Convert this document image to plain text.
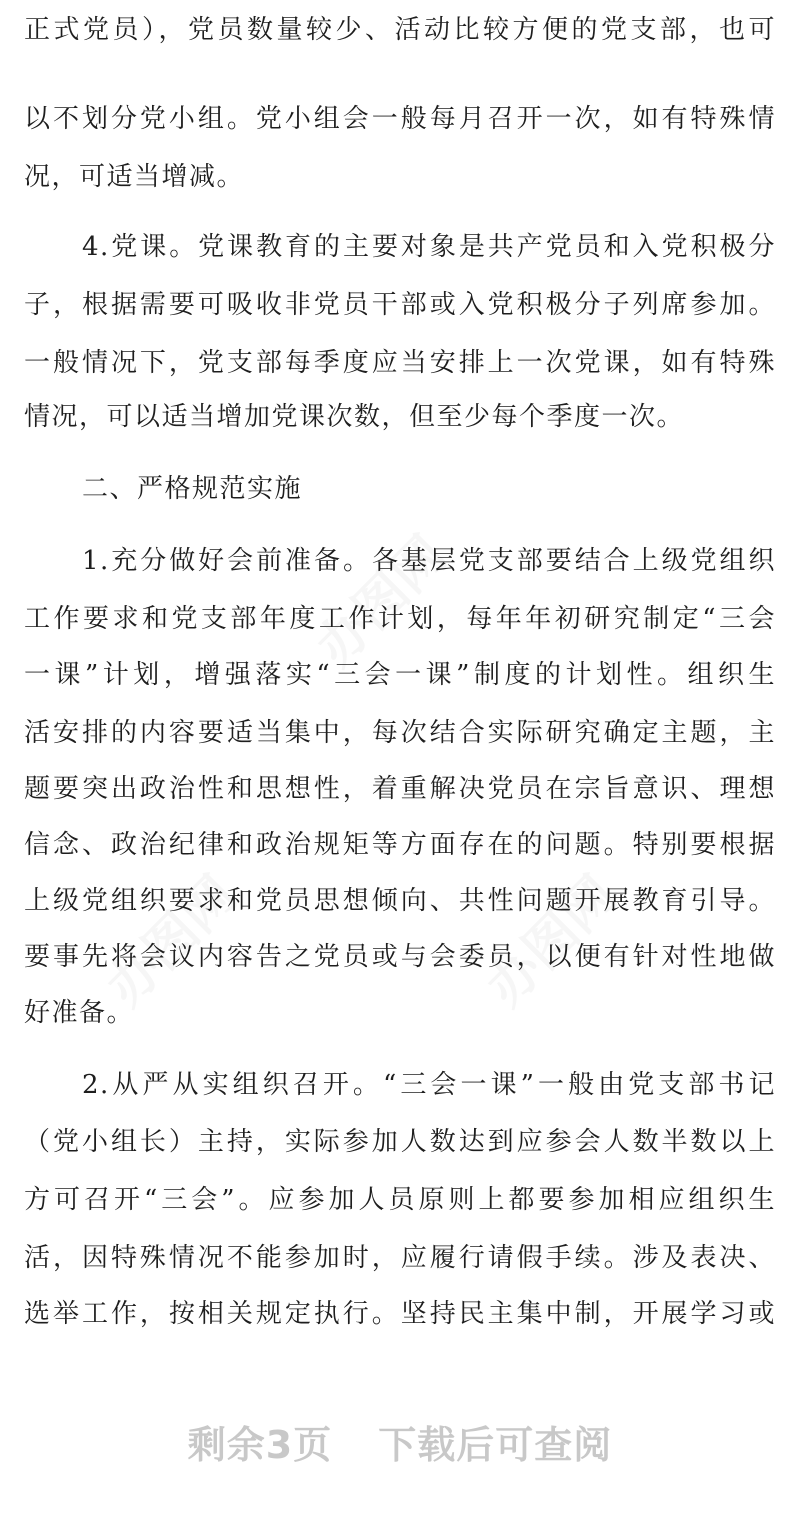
办图网
办图网
办图网
正式党员），党员数量较少、活动比较方便的党支部，也可
以不划分党小组。党小组会一般每月召开一次，如有特殊情
况，可适当增减。
4.党课。党课教育的主要对象是共产党员和入党积极分
子，根据需要可吸收非党员干部或入党积极分子列席参加。
一般情况下，党支部每季度应当安排上一次党课，如有特殊
情况，可以适当增加党课次数，但至少每个季度一次。
二、严格规范实施
1.充分做好会前准备。各基层党支部要结合上级党组织
工作要求和党支部年度工作计划，每年年初研究制定“三会
一课”计划，增强落实“三会一课”制度的计划性。组织生
活安排的内容要适当集中，每次结合实际研究确定主题，主
题要突出政治性和思想性，着重解决党员在宗旨意识、理想
信念、政治纪律和政治规矩等方面存在的问题。特别要根据
上级党组织要求和党员思想倾向、共性问题开展教育引导。
要事先将会议内容告之党员或与会委员，以便有针对性地做
好准备。
2.从严从实组织召开。“三会一课”一般由党支部书记
（党小组长）主持，实际参加人数达到应参会人数半数以上
方可召开“三会”。应参加人员原则上都要参加相应组织生
活，因特殊情况不能参加时，应履行请假手续。涉及表决、
选举工作，按相关规定执行。坚持民主集中制，开展学习或
剩余3页 下载后可查阅
